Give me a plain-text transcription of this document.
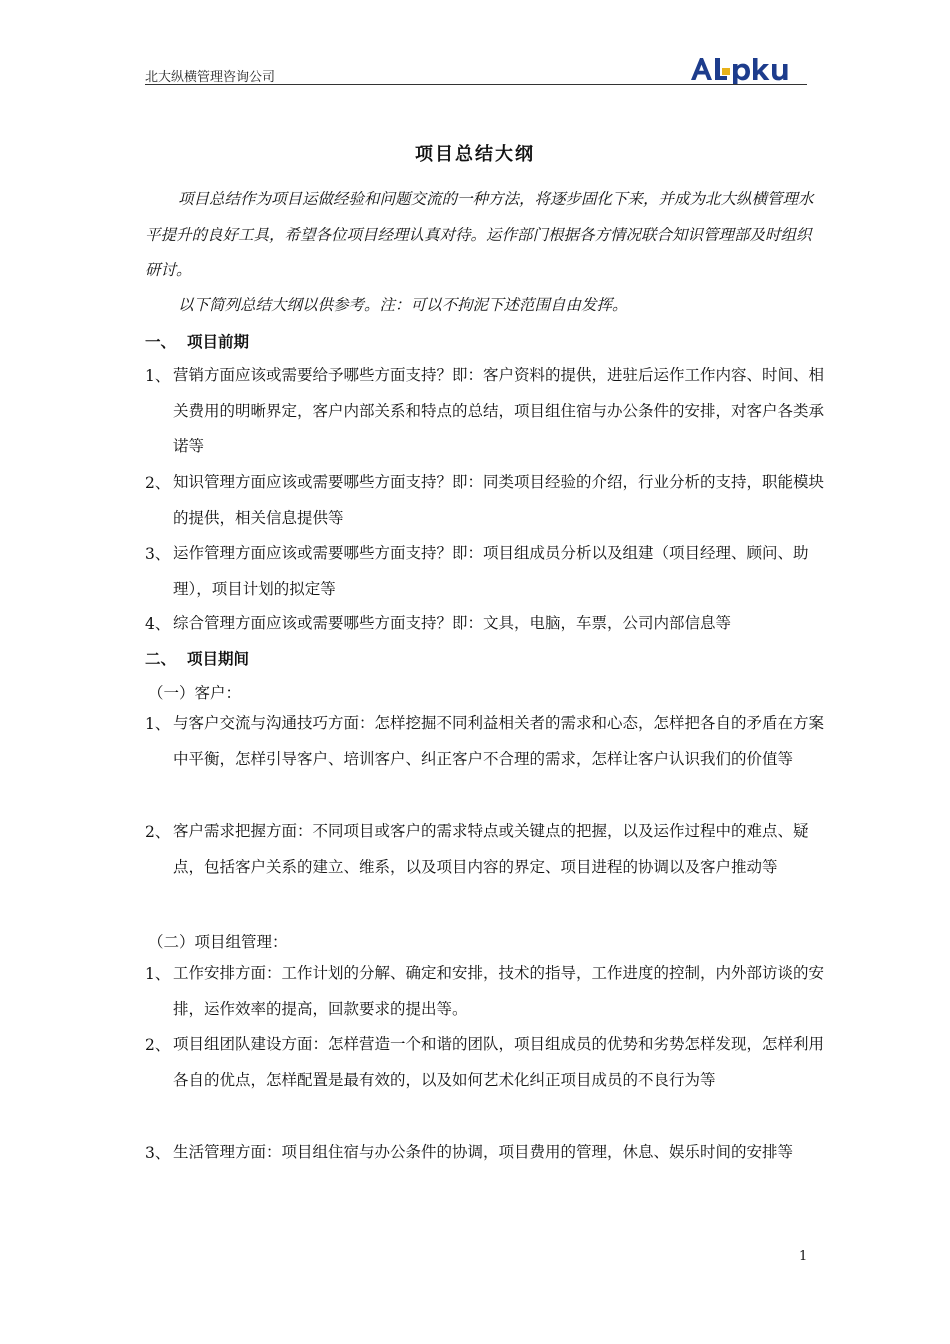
北大纵横管理咨询公司
项目总结大纲
项目总结作为项目运做经验和问题交流的一种方法，将逐步固化下来，并成为北大纵横管理水平提升的良好工具，希望各位项目经理认真对待。运作部门根据各方情况联合知识管理部及时组织研讨。
以下简列总结大纲以供参考。注：可以不拘泥下述范围自由发挥。
一、 项目前期
1、 营销方面应该或需要给予哪些方面支持？即：客户资料的提供，进驻后运作工作内容、时间、相关费用的明晰界定，客户内部关系和特点的总结，项目组住宿与办公条件的安排，对客户各类承诺等
2、 知识管理方面应该或需要哪些方面支持？即：同类项目经验的介绍，行业分析的支持，职能模块的提供，相关信息提供等
3、 运作管理方面应该或需要哪些方面支持？即：项目组成员分析以及组建（项目经理、顾问、助理），项目计划的拟定等
4、 综合管理方面应该或需要哪些方面支持？即：文具，电脑，车票，公司内部信息等
二、 项目期间
（一）客户：
1、 与客户交流与沟通技巧方面：怎样挖掘不同利益相关者的需求和心态，怎样把各自的矛盾在方案中平衡，怎样引导客户、培训客户、纠正客户不合理的需求，怎样让客户认识我们的价值等
2、 客户需求把握方面：不同项目或客户的需求特点或关键点的把握，以及运作过程中的难点、疑点，包括客户关系的建立、维系，以及项目内容的界定、项目进程的协调以及客户推动等
（二）项目组管理：
1、 工作安排方面：工作计划的分解、确定和安排，技术的指导，工作进度的控制，内外部访谈的安排，运作效率的提高，回款要求的提出等。
2、 项目组团队建设方面：怎样营造一个和谐的团队，项目组成员的优势和劣势怎样发现，怎样利用各自的优点，怎样配置是最有效的，以及如何艺术化纠正项目成员的不良行为等
3、 生活管理方面：项目组住宿与办公条件的协调，项目费用的管理，休息、娱乐时间的安排等
1
